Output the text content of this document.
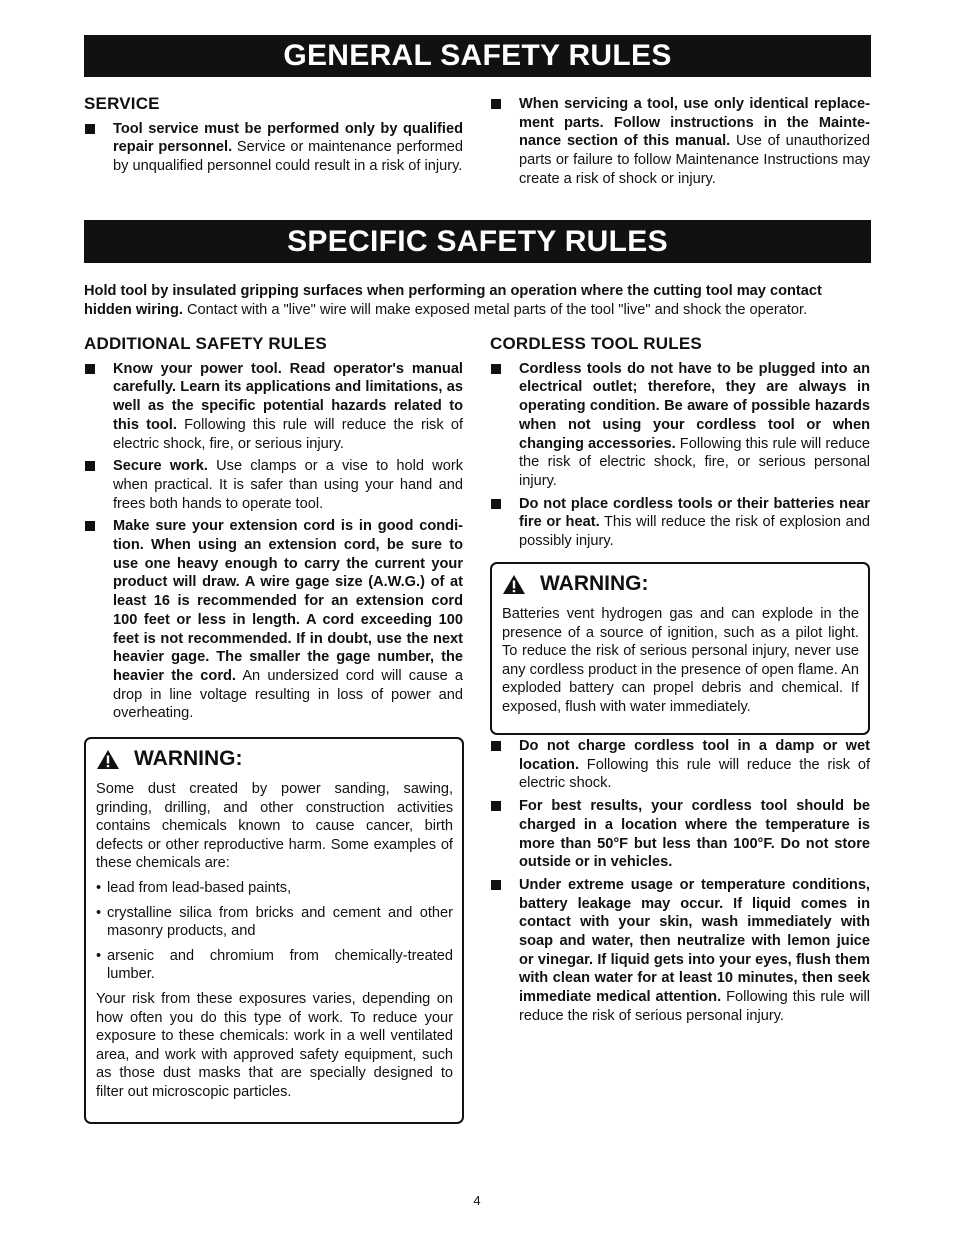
GENERAL SAFETY RULES
SPECIFIC SAFETY RULES
SERVICE

Tool service must be performed only by qualified repair personnel. Service or maintenance performed by unqualified personnel could result in a risk of injury.

When servicing a tool, use only identical replacement parts. Follow instructions in the Maintenance section of this manual. Use of unauthorized parts or failure to follow Maintenance Instructions may create a risk of shock or injury.

Hold tool by insulated gripping surfaces when performing an operation where the cutting tool may contact hidden wiring. Contact with a "live" wire will make exposed metal parts of the tool "live" and shock the operator.
ADDITIONAL SAFETY RULES

Know your power tool. Read operator's manual carefully. Learn its applications and limitations, as well as the specific potential hazards related to this tool. Following this rule will reduce the risk of electric shock, fire, or serious injury.

Secure work. Use clamps or a vise to hold work when practical. It is safer than using your hand and frees both hands to operate tool.

Make sure your extension cord is in good condition. When using an extension cord, be sure to use one heavy enough to carry the current your product will draw. A wire gage size (A.W.G.) of at least 16 is recommended for an extension cord 100 feet or less in length. A cord exceeding 100 feet is not recommended. If in doubt, use the next heavier gage. The smaller the gage number, the heavier the cord. An undersized cord will cause a drop in line voltage resulting in loss of power and overheating.

WARNING:

Some dust created by power sanding, sawing, grinding, drilling, and other construction activities contains chemicals known to cause cancer, birth defects or other reproductive harm. Some examples of these chemicals are:

• lead from lead-based paints,
• crystalline silica from bricks and cement and other masonry products, and
• arsenic and chromium from chemically-treated lumber.

Your risk from these exposures varies, depending on how often you do this type of work. To reduce your exposure to these chemicals: work in a well ventilated area, and work with approved safety equipment, such as those dust masks that are specially designed to filter out microscopic particles.

CORDLESS TOOL RULES

Cordless tools do not have to be plugged into an electrical outlet; therefore, they are always in operating condition. Be aware of possible hazards when not using your cordless tool or when changing accessories. Following this rule will reduce the risk of electric shock, fire, or serious personal injury.

Do not place cordless tools or their batteries near fire or heat. This will reduce the risk of explosion and possibly injury.

WARNING:

Batteries vent hydrogen gas and can explode in the presence of a source of ignition, such as a pilot light. To reduce the risk of serious personal injury, never use any cordless product in the presence of open flame. An exploded battery can propel debris and chemical. If exposed, flush with water immediately.

Do not charge cordless tool in a damp or wet location. Following this rule will reduce the risk of electric shock.

For best results, your cordless tool should be charged in a location where the temperature is more than 50°F but less than 100°F. Do not store outside or in vehicles.

Under extreme usage or temperature conditions, battery leakage may occur. If liquid comes in contact with your skin, wash immediately with soap and water, then neutralize with lemon juice or vinegar. If liquid gets into your eyes, flush them with clean water for at least 10 minutes, then seek immediate medical attention. Following this rule will reduce the risk of serious personal injury.

4
